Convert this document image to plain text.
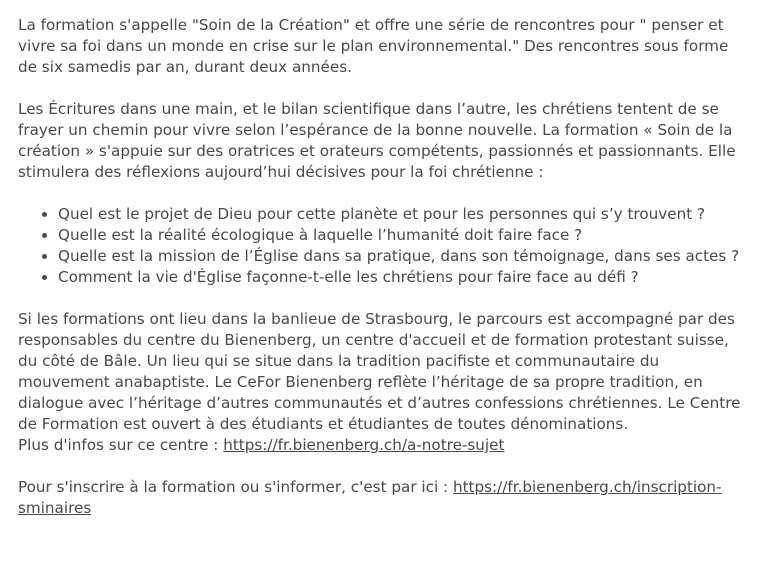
La formation s'appelle "Soin de la Création" et offre une série de rencontres pour " penser et vivre sa foi dans un monde en crise sur le plan environnemental." Des rencontres sous forme de six samedis par an, durant deux années.

Les Écritures dans une main, et le bilan scientifique dans l’autre, les chrétiens tentent de se frayer un chemin pour vivre selon l’espérance de la bonne nouvelle. La formation « Soin de la création » s'appuie sur des oratrices et orateurs compétents, passionnés et passionnants. Elle stimulera des réflexions aujourd’hui décisives pour la foi chrétienne :

• Quel est le projet de Dieu pour cette planète et pour les personnes qui s’y trouvent ?
• Quelle est la réalité écologique à laquelle l’humanité doit faire face ?
• Quelle est la mission de l’Église dans sa pratique, dans son témoignage, dans ses actes ?
• Comment la vie d'Église façonne-t-elle les chrétiens pour faire face au défi ?

Si les formations ont lieu dans la banlieue de Strasbourg, le parcours est accompagné par des responsables du centre du Bienenberg, un centre d'accueil et de formation protestant suisse, du côté de Bâle. Un lieu qui se situe dans la tradition pacifiste et communautaire du mouvement anabaptiste. Le CeFor Bienenberg reflète l’héritage de sa propre tradition, en dialogue avec l’héritage d’autres communautés et d’autres confessions chrétiennes. Le Centre de Formation est ouvert à des étudiants et étudiantes de toutes dénominations.
Plus d'infos sur ce centre : https://fr.bienenberg.ch/a-notre-sujet

Pour s'inscrire à la formation ou s'informer, c'est par ici : https://fr.bienenberg.ch/inscription-sminaires
